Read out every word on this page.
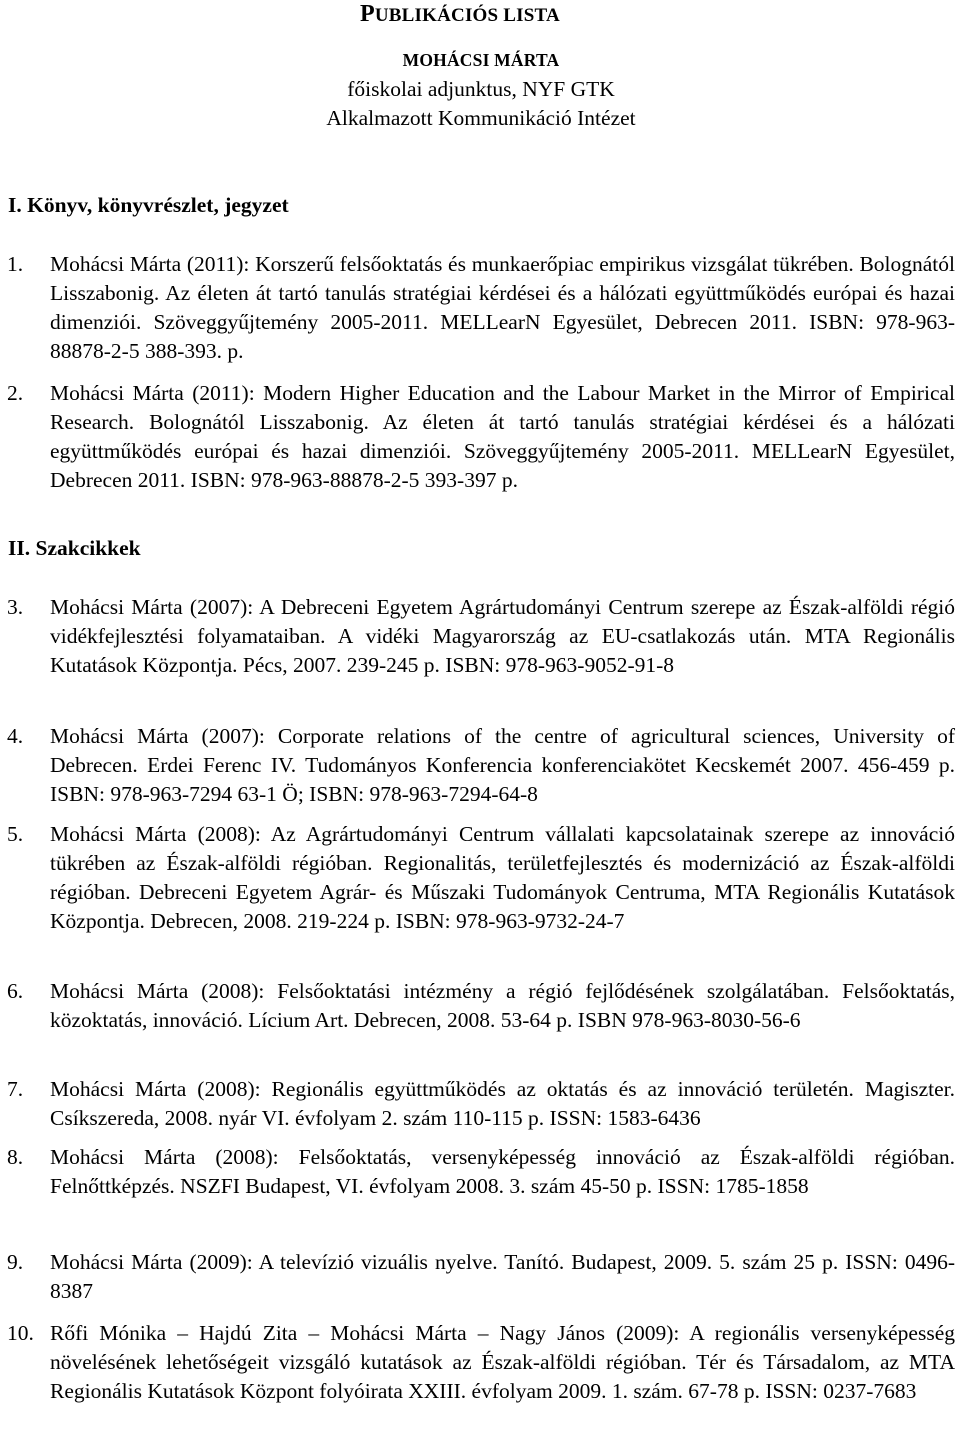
PUBLIKÁCIÓS LISTA
MOHÁCSI MÁRTA
főiskolai adjunktus, NYF GTK
Alkalmazott Kommunikáció Intézet
I. Könyv, könyvrészlet, jegyzet
1. Mohácsi Márta (2011): Korszerű felsőoktatás és munkaerőpiac empirikus vizsgálat tükrében. Bolognától Lisszabonig. Az életen át tartó tanulás stratégiai kérdései és a hálózati együttműködés európai és hazai dimenziói. Szöveggyűjtemény 2005-2011. MELLearN Egyesület, Debrecen 2011. ISBN: 978-963-88878-2-5 388-393. p.
2. Mohácsi Márta (2011): Modern Higher Education and the Labour Market in the Mirror of Empirical Research. Bolognától Lisszabonig. Az életen át tartó tanulás stratégiai kérdései és a hálózati együttműködés európai és hazai dimenziói. Szöveggyűjtemény 2005-2011. MELLearN Egyesület, Debrecen 2011. ISBN: 978-963-88878-2-5 393-397 p.
II. Szakcikkek
3. Mohácsi Márta (2007): A Debreceni Egyetem Agrártudományi Centrum szerepe az Észak-alföldi régió vidékfejlesztési folyamataiban. A vidéki Magyarország az EU-csatlakozás után. MTA Regionális Kutatások Központja. Pécs, 2007. 239-245 p. ISBN: 978-963-9052-91-8
4. Mohácsi Márta (2007): Corporate relations of the centre of agricultural sciences, University of Debrecen. Erdei Ferenc IV. Tudományos Konferencia konferenciakötet Kecskemét 2007. 456-459 p. ISBN: 978-963-7294 63-1 Ö; ISBN: 978-963-7294-64-8
5. Mohácsi Márta (2008): Az Agrártudományi Centrum vállalati kapcsolatainak szerepe az innováció tükrében az Észak-alföldi régióban. Regionalitás, területfejlesztés és modernizáció az Észak-alföldi régióban. Debreceni Egyetem Agrár- és Műszaki Tudományok Centruma, MTA Regionális Kutatások Központja. Debrecen, 2008. 219-224 p. ISBN: 978-963-9732-24-7
6. Mohácsi Márta (2008): Felsőoktatási intézmény a régió fejlődésének szolgálatában. Felsőoktatás, közoktatás, innováció. Lícium Art. Debrecen, 2008. 53-64 p. ISBN 978-963-8030-56-6
7. Mohácsi Márta (2008): Regionális együttműködés az oktatás és az innováció területén. Magiszter. Csíkszereda, 2008. nyár VI. évfolyam 2. szám 110-115 p. ISSN: 1583-6436
8. Mohácsi Márta (2008): Felsőoktatás, versenyképesség innováció az Észak-alföldi régióban. Felnőttképzés. NSZFI Budapest, VI. évfolyam 2008. 3. szám 45-50 p. ISSN: 1785-1858
9. Mohácsi Márta (2009): A televízió vizuális nyelve. Tanító. Budapest, 2009. 5. szám 25 p. ISSN: 0496-8387
10. Rőfi Mónika – Hajdú Zita – Mohácsi Márta – Nagy János (2009): A regionális versenyképesség növelésének lehetőségeit vizsgáló kutatások az Észak-alföldi régióban. Tér és Társadalom, az MTA Regionális Kutatások Központ folyóirata XXIII. évfolyam 2009. 1. szám. 67-78 p. ISSN: 0237-7683
